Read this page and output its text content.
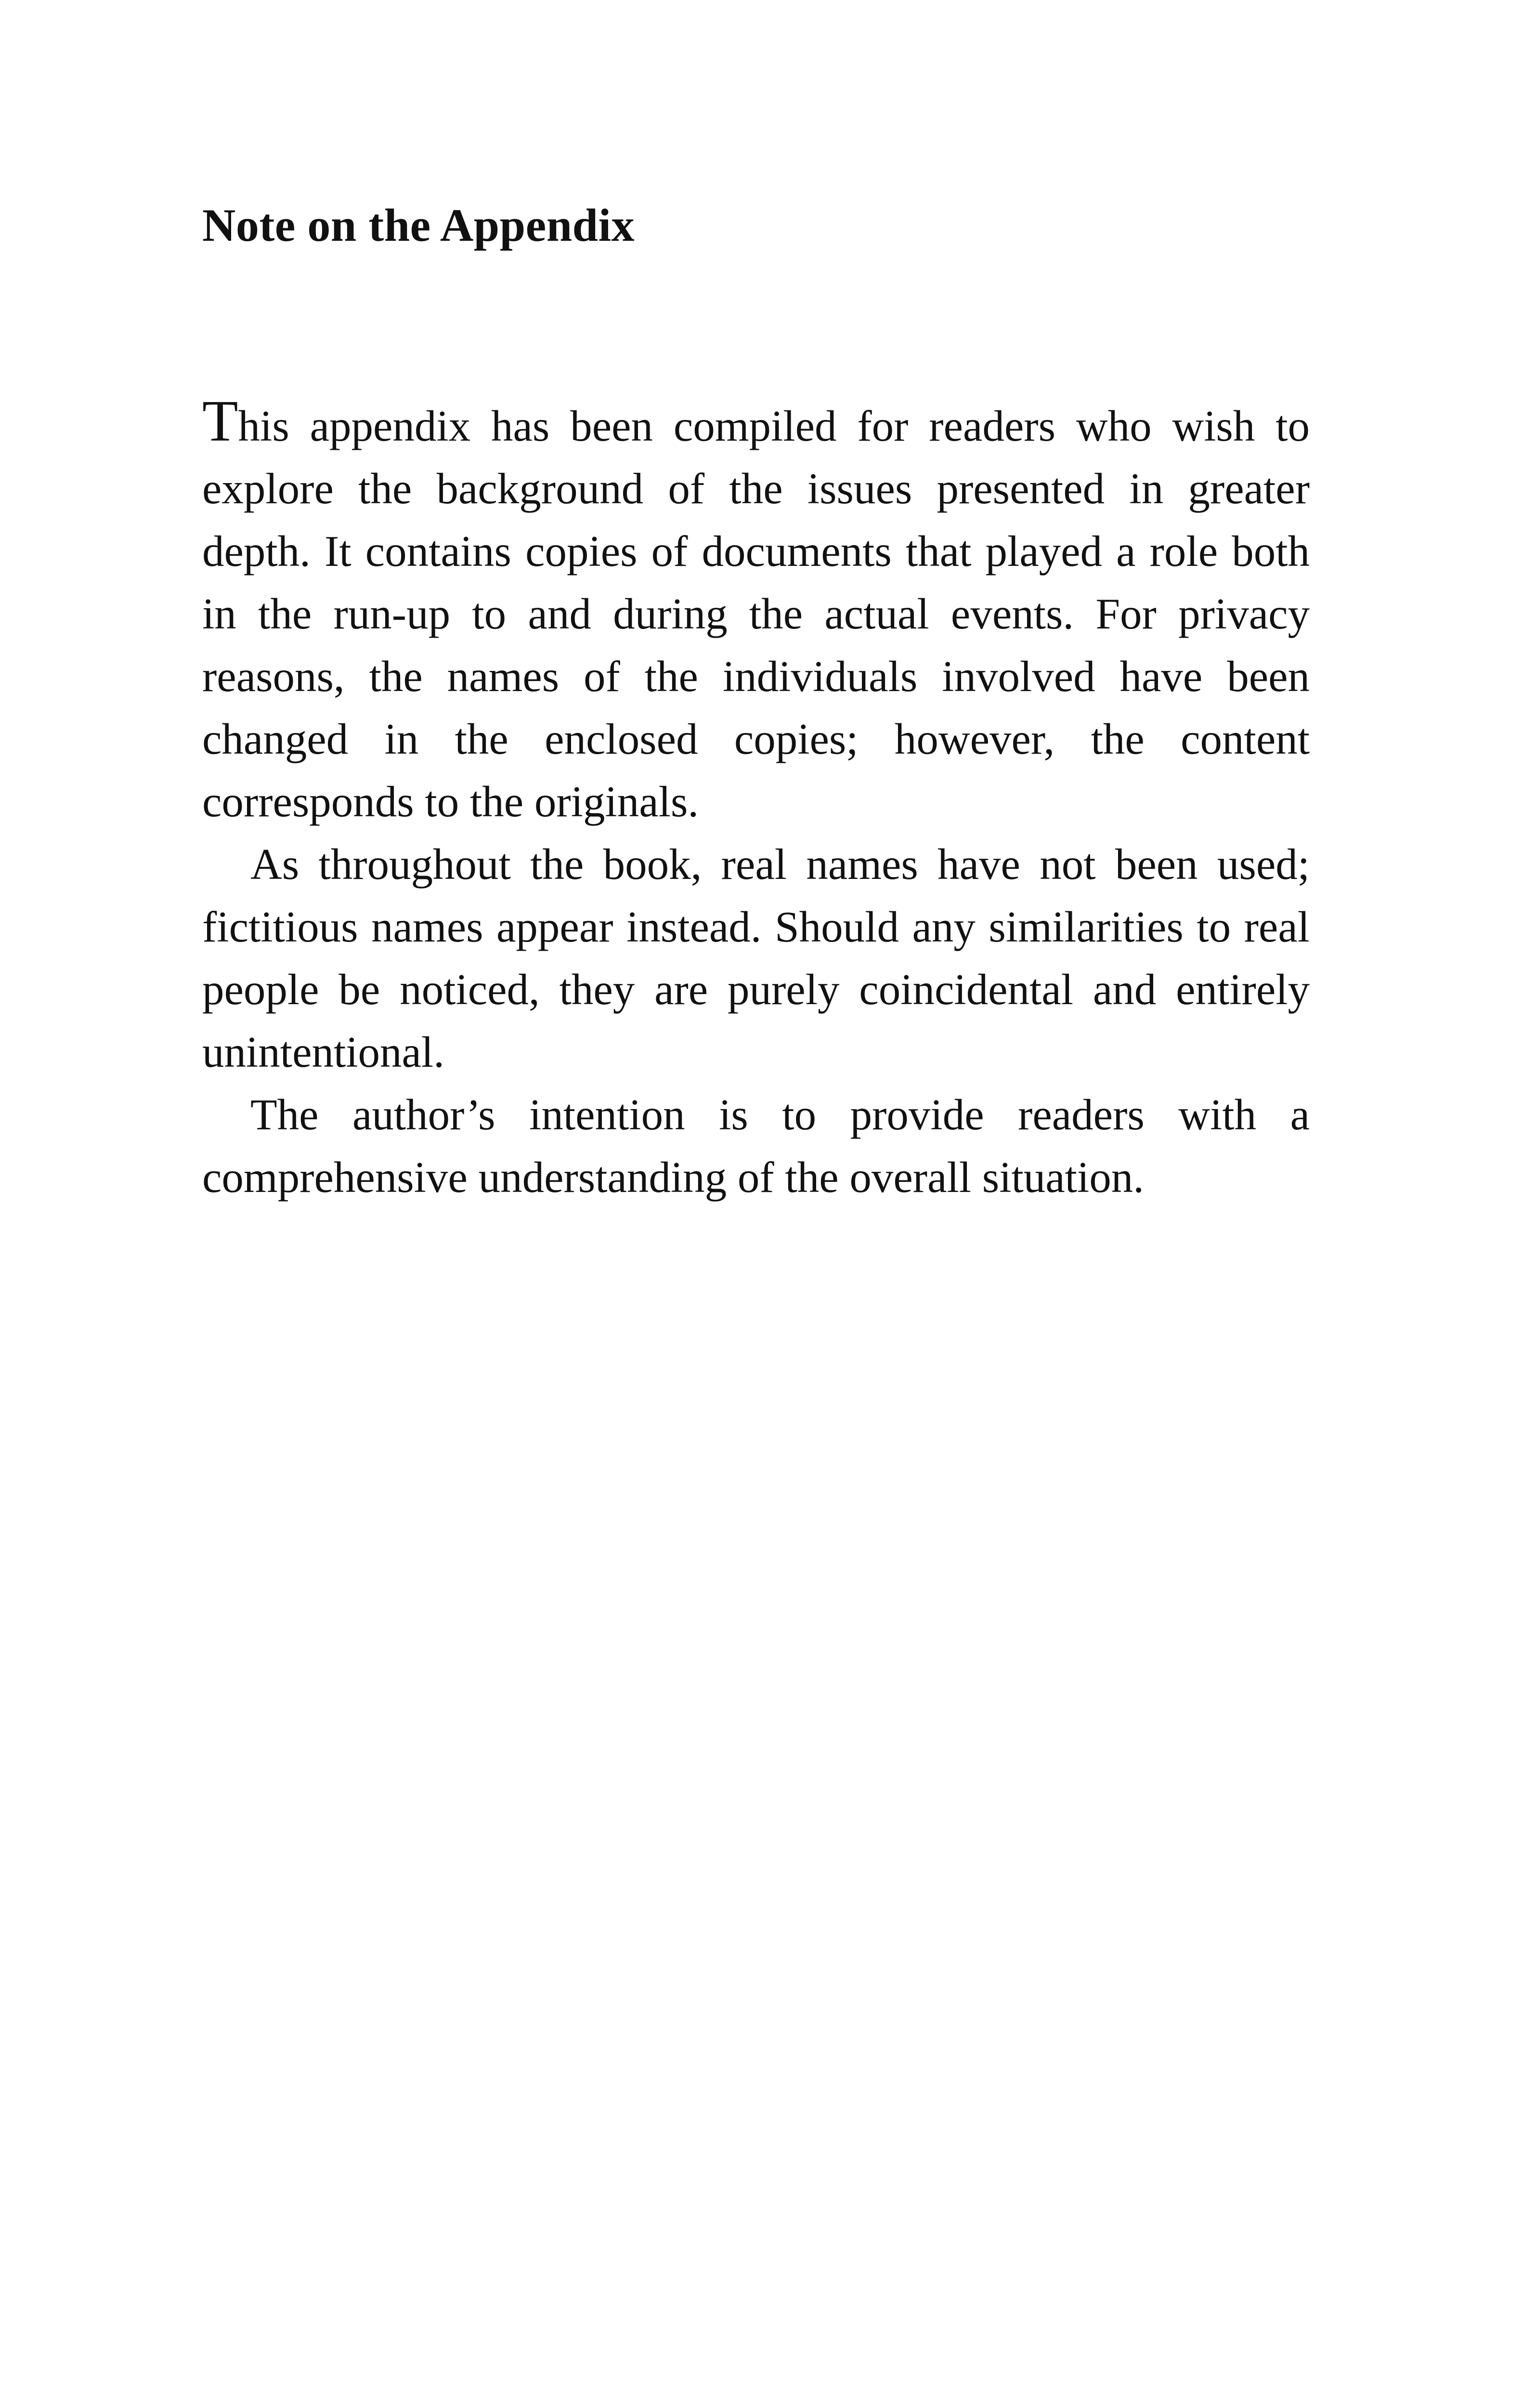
Note on the Appendix

This appendix has been compiled for readers who wish to explore the background of the issues presented in greater depth. It contains copies of documents that played a role both in the run-up to and during the actual events. For privacy reasons, the names of the individuals involved have been changed in the enclosed copies; however, the content corresponds to the originals.

As throughout the book, real names have not been used; fictitious names appear instead. Should any similarities to real people be noticed, they are purely coincidental and entirely unintentional.

The author’s intention is to provide readers with a comprehensive understanding of the overall situation.
